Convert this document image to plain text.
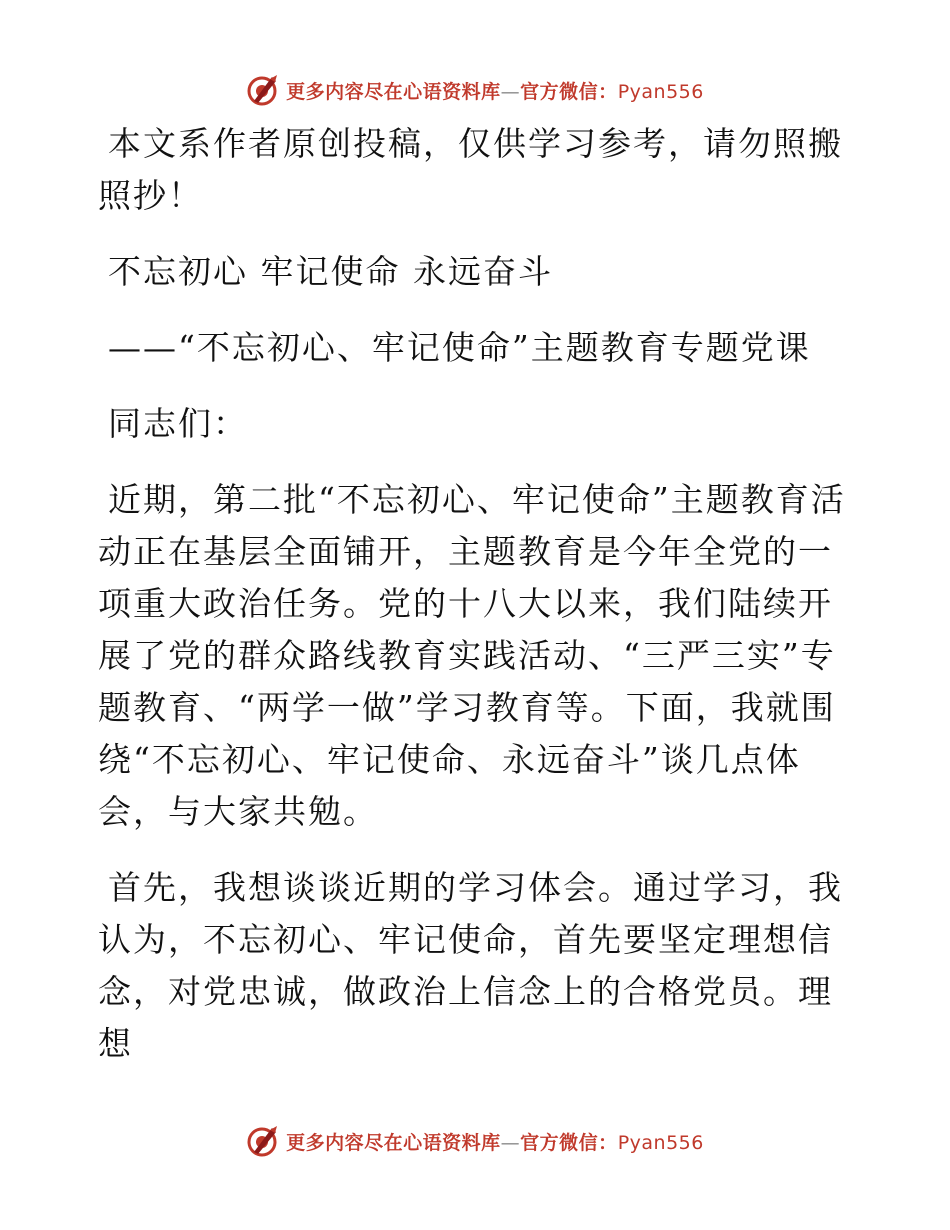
更多内容尽在心语资料库—官方微信：Pyan556

本文系作者原创投稿，仅供学习参考，请勿照搬照抄！

不忘初心 牢记使命 永远奋斗

——“不忘初心、牢记使命”主题教育专题党课

同志们：

近期，第二批“不忘初心、牢记使命”主题教育活动正在基层全面铺开，主题教育是今年全党的一项重大政治任务。党的十八大以来，我们陆续开展了党的群众路线教育实践活动、“三严三实”专题教育、“两学一做”学习教育等。下面，我就围绕“不忘初心、牢记使命、永远奋斗”谈几点体会，与大家共勉。

首先，我想谈谈近期的学习体会。通过学习，我认为，不忘初心、牢记使命，首先要坚定理想信念，对党忠诚，做政治上信念上的合格党员。理想

更多内容尽在心语资料库—官方微信：Pyan556
